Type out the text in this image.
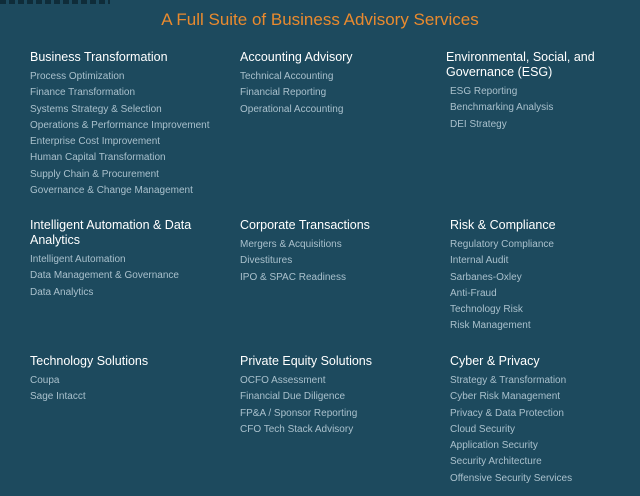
A Full Suite of Business Advisory Services
Business Transformation
Process Optimization
Finance Transformation
Systems Strategy & Selection
Operations & Performance Improvement
Enterprise Cost Improvement
Human Capital Transformation
Supply Chain & Procurement
Governance & Change Management
Accounting Advisory
Technical Accounting
Financial Reporting
Operational Accounting
Environmental, Social, and Governance (ESG)
ESG Reporting
Benchmarking Analysis
DEI Strategy
Intelligent Automation & Data Analytics
Intelligent Automation
Data Management & Governance
Data Analytics
Corporate Transactions
Mergers & Acquisitions
Divestitures
IPO & SPAC Readiness
Risk & Compliance
Regulatory Compliance
Internal Audit
Sarbanes-Oxley
Anti-Fraud
Technology Risk
Risk Management
Technology Solutions
Coupa
Sage Intacct
Private Equity Solutions
OCFO Assessment
Financial Due Diligence
FP&A / Sponsor Reporting
CFO Tech Stack Advisory
Cyber & Privacy
Strategy & Transformation
Cyber Risk Management
Privacy & Data Protection
Cloud Security
Application Security
Security Architecture
Offensive Security Services
